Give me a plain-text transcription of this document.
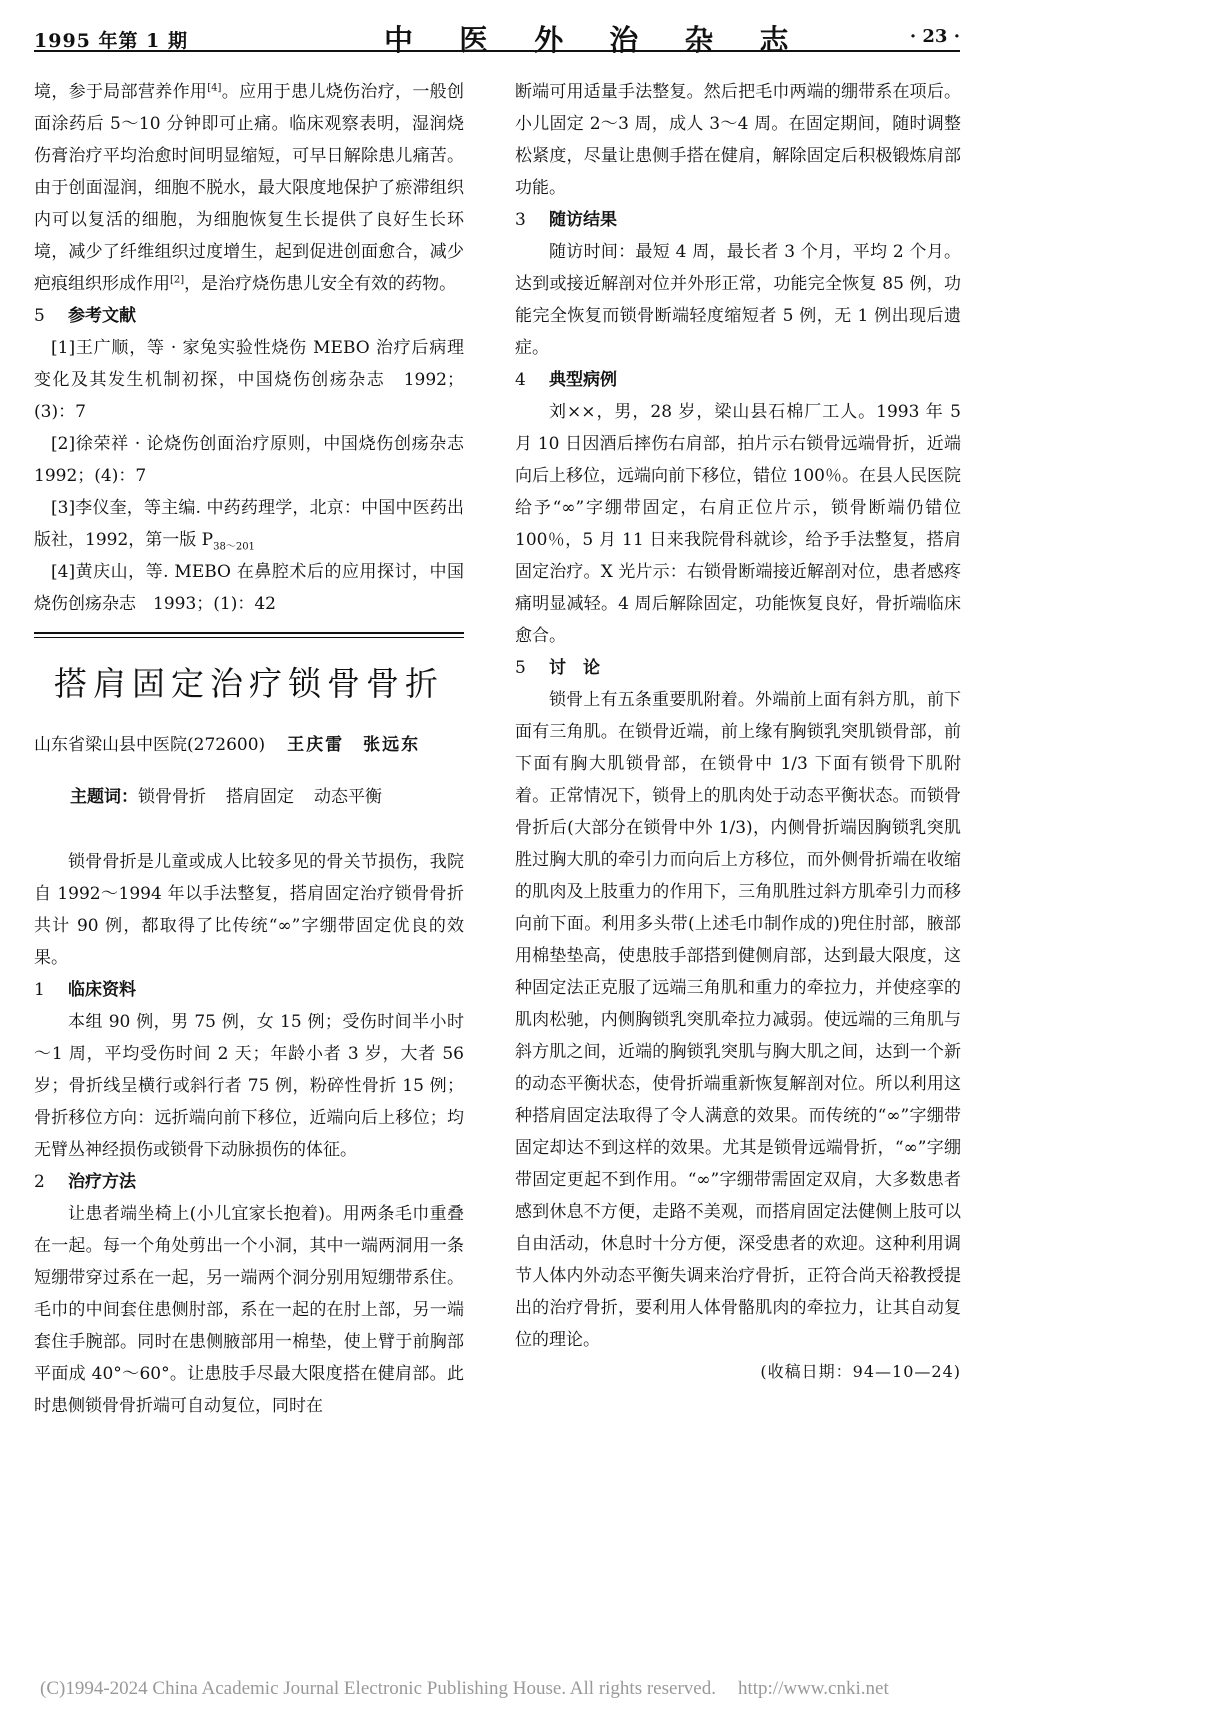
1995 年第 1 期	中 医 外 治 杂 志	· 23 ·

境，参于局部营养作用[4]。应用于患儿烧伤治疗，一般创面涂药后 5～10 分钟即可止痛。临床观察表明，湿润烧伤膏治疗平均治愈时间明显缩短，可早日解除患儿痛苦。由于创面湿润，细胞不脱水，最大限度地保护了瘀滞组织内可以复活的细胞，为细胞恢复生长提供了良好生长环境，减少了纤维组织过度增生，起到促进创面愈合，减少疤痕组织形成作用[2]，是治疗烧伤患儿安全有效的药物。

5 参考文献

[1]王广顺，等 · 家兔实验性烧伤 MEBO 治疗后病理变化及其发生机制初探，中国烧伤创疡杂志　1992；(3)：7

[2]徐荣祥 · 论烧伤创面治疗原则，中国烧伤创疡杂志　1992；(4)：7

[3]李仪奎，等主编. 中药药理学，北京：中国中医药出版社，1992，第一版 $P_{38\sim 201}$

[4]黄庆山，等. MEBO 在鼻腔术后的应用探讨，中国烧伤创疡杂志　1993；(1)：42

搭肩固定治疗锁骨骨折
山东省梁山县中医院(272600) 王庆雷　张远东
主题词：锁骨骨折 搭肩固定 动态平衡

锁骨骨折是儿童或成人比较多见的骨关节损伤，我院自 1992～1994 年以手法整复，搭肩固定治疗锁骨骨折共计 90 例，都取得了比传统“∞”字绷带固定优良的效果。

1 临床资料

本组 90 例，男 75 例，女 15 例；受伤时间半小时～1 周，平均受伤时间 2 天；年龄小者 3 岁，大者 56 岁；骨折线呈横行或斜行者 75 例，粉碎性骨折 15 例；骨折移位方向：远折端向前下移位，近端向后上移位；均无臂丛神经损伤或锁骨下动脉损伤的体征。

2 治疗方法

让患者端坐椅上(小儿宜家长抱着)。用两条毛巾重叠在一起。每一个角处剪出一个小洞，其中一端两洞用一条短绷带穿过系在一起，另一端两个洞分别用短绷带系住。毛巾的中间套住患侧肘部，系在一起的在肘上部，另一端套住手腕部。同时在患侧腋部用一棉垫，使上臂于前胸部平面成 40°～60°。让患肢手尽最大限度搭在健肩部。此时患侧锁骨骨折端可自动复位，同时在

断端可用适量手法整复。然后把毛巾两端的绷带系在项后。小儿固定 2～3 周，成人 3～4 周。在固定期间，随时调整松紧度，尽量让患侧手搭在健肩，解除固定后积极锻炼肩部功能。

3 随访结果

随访时间：最短 4 周，最长者 3 个月，平均 2 个月。达到或接近解剖对位并外形正常，功能完全恢复 85 例，功能完全恢复而锁骨断端轻度缩短者 5 例，无 1 例出现后遗症。

4 典型病例

刘××，男，28 岁，梁山县石棉厂工人。1993 年 5 月 10 日因酒后摔伤右肩部，拍片示右锁骨远端骨折，近端向后上移位，远端向前下移位，错位 100％。在县人民医院给予“∞”字绷带固定，右肩正位片示，锁骨断端仍错位 100％，5 月 11 日来我院骨科就诊，给予手法整复，搭肩固定治疗。X 光片示：右锁骨断端接近解剖对位，患者感疼痛明显减轻。4 周后解除固定，功能恢复良好，骨折端临床愈合。

5 讨　论

锁骨上有五条重要肌附着。外端前上面有斜方肌，前下面有三角肌。在锁骨近端，前上缘有胸锁乳突肌锁骨部，前下面有胸大肌锁骨部，在锁骨中 1/3 下面有锁骨下肌附着。正常情况下，锁骨上的肌肉处于动态平衡状态。而锁骨骨折后(大部分在锁骨中外 1/3)，内侧骨折端因胸锁乳突肌胜过胸大肌的牵引力而向后上方移位，而外侧骨折端在收缩的肌肉及上肢重力的作用下，三角肌胜过斜方肌牵引力而移向前下面。利用多头带(上述毛巾制作成的)兜住肘部，腋部用棉垫垫高，使患肢手部搭到健侧肩部，达到最大限度，这种固定法正克服了远端三角肌和重力的牵拉力，并使痉挛的肌肉松驰，内侧胸锁乳突肌牵拉力减弱。使远端的三角肌与斜方肌之间，近端的胸锁乳突肌与胸大肌之间，达到一个新的动态平衡状态，使骨折端重新恢复解剖对位。所以利用这种搭肩固定法取得了令人满意的效果。而传统的“∞”字绷带固定却达不到这样的效果。尤其是锁骨远端骨折，“∞”字绷带固定更起不到作用。“∞”字绷带需固定双肩，大多数患者感到休息不方便，走路不美观，而搭肩固定法健侧上肢可以自由活动，休息时十分方便，深受患者的欢迎。这种利用调节人体内外动态平衡失调来治疗骨折，正符合尚天裕教授提出的治疗骨折，要利用人体骨骼肌肉的牵拉力，让其自动复位的理论。

(收稿日期：94—10—24)

(C)1994-2024 China Academic Journal Electronic Publishing House. All rights reserved. http://www.cnki.net
